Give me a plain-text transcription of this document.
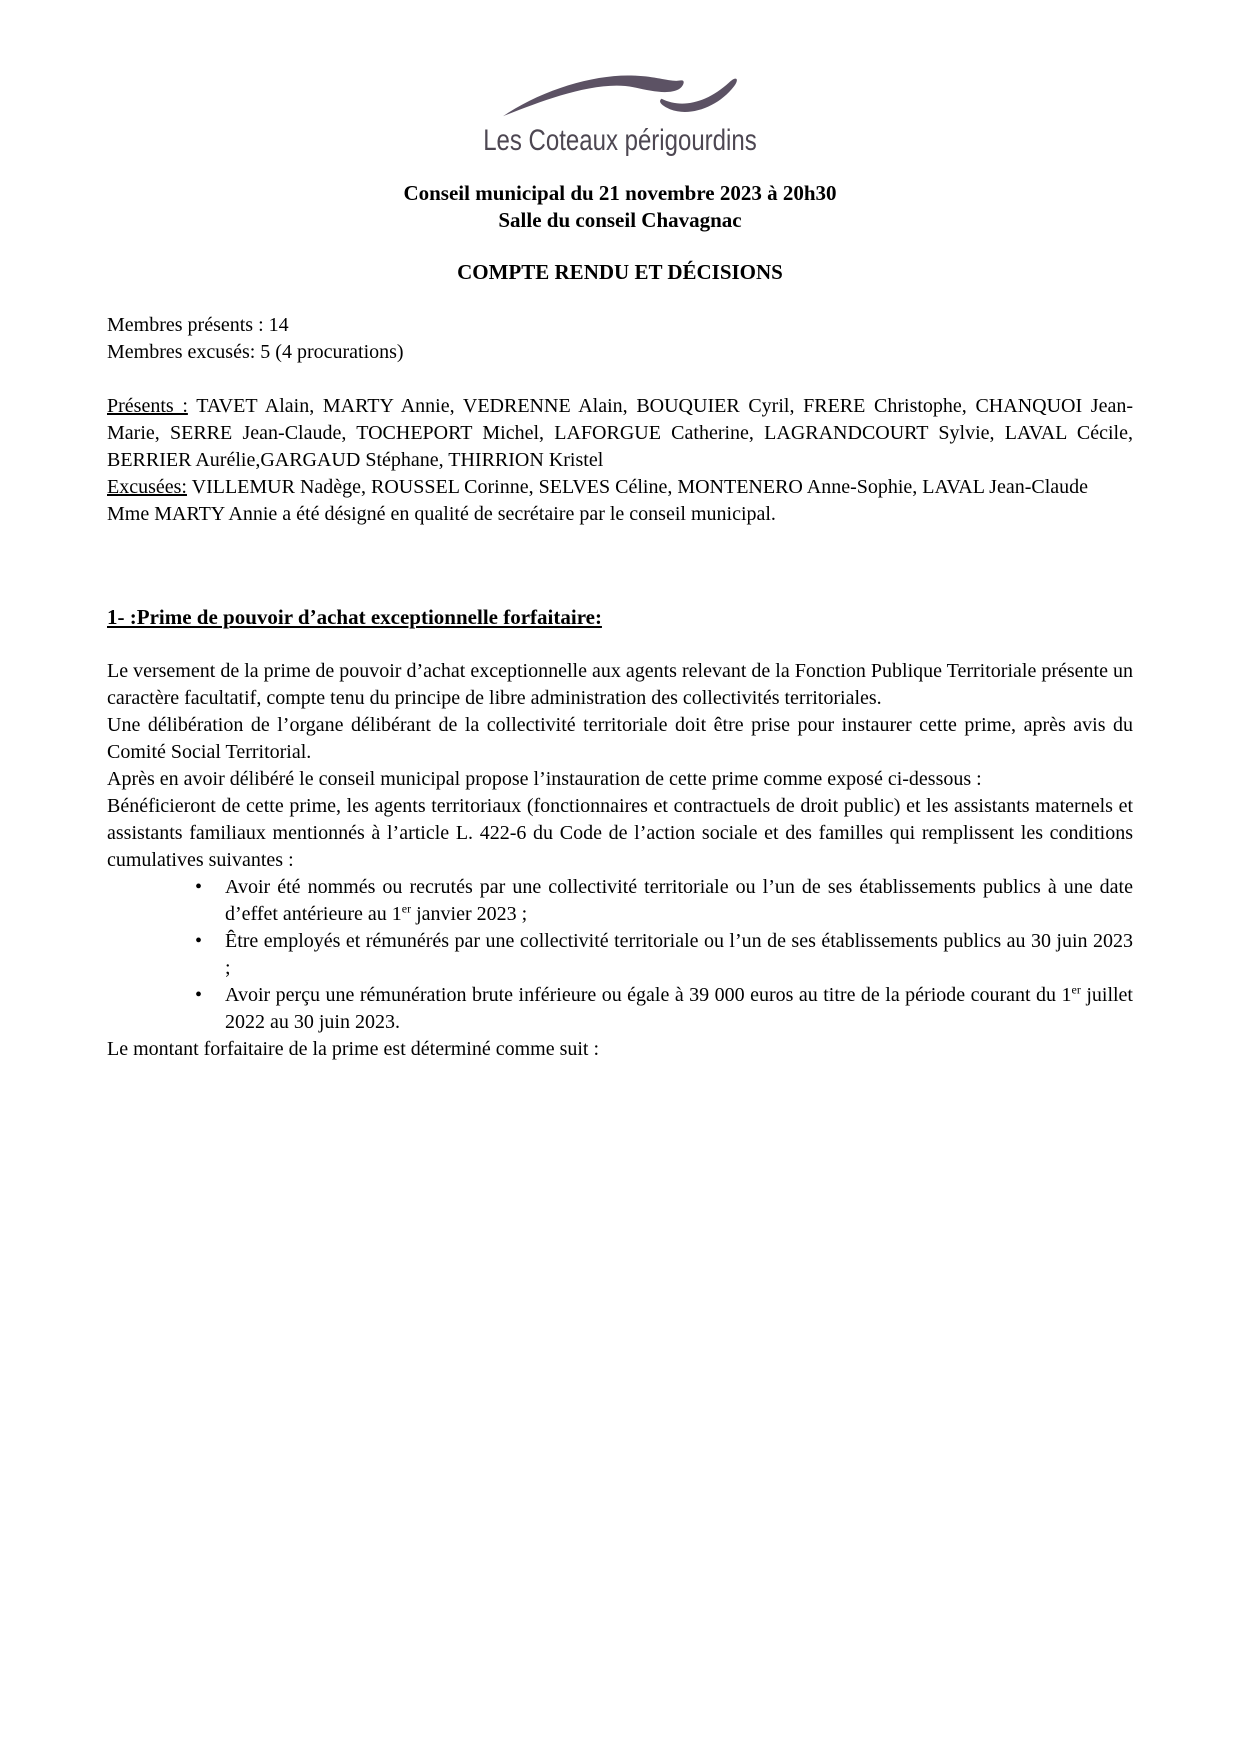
Les Coteaux périgourdins
Conseil municipal du 21 novembre 2023 à 20h30
Salle du conseil Chavagnac
COMPTE RENDU ET DÉCISIONS
Membres présents : 14
Membres excusés: 5 (4 procurations)

Présents : TAVET Alain, MARTY Annie, VEDRENNE Alain, BOUQUIER Cyril, FRERE Christophe, CHANQUOI Jean-Marie, SERRE Jean-Claude, TOCHEPORT Michel, LAFORGUE Catherine, LAGRANDCOURT Sylvie, LAVAL Cécile, BERRIER Aurélie,GARGAUD Stéphane, THIRRION Kristel

Excusées: VILLEMUR Nadège, ROUSSEL Corinne, SELVES Céline, MONTENERO Anne-Sophie, LAVAL Jean-Claude

Mme MARTY Annie a été désigné en qualité de secrétaire par le conseil municipal.

1- :Prime de pouvoir d’achat exceptionnelle forfaitaire:

Le versement de la prime de pouvoir d’achat exceptionnelle aux agents relevant de la Fonction Publique Territoriale présente un caractère facultatif, compte tenu du principe de libre administration des collectivités territoriales.

Une délibération de l’organe délibérant de la collectivité territoriale doit être prise pour instaurer cette prime, après avis du Comité Social Territorial.

Après en avoir délibéré le conseil municipal propose l’instauration de cette prime comme exposé ci-dessous :

Bénéficieront de cette prime, les agents territoriaux (fonctionnaires et contractuels de droit public) et les assistants maternels et assistants familiaux mentionnés à l’article L. 422-6 du Code de l’action sociale et des familles qui remplissent les conditions cumulatives suivantes :

•	Avoir été nommés ou recrutés par une collectivité territoriale ou l’un de ses établissements publics à une date d’effet antérieure au 1er janvier 2023 ;
•	Être employés et rémunérés par une collectivité territoriale ou l’un de ses établissements publics au 30 juin 2023 ;
•	Avoir perçu une rémunération brute inférieure ou égale à 39 000 euros au titre de la période courant du 1er juillet 2022 au 30 juin 2023.

Le montant forfaitaire de la prime est déterminé comme suit :
